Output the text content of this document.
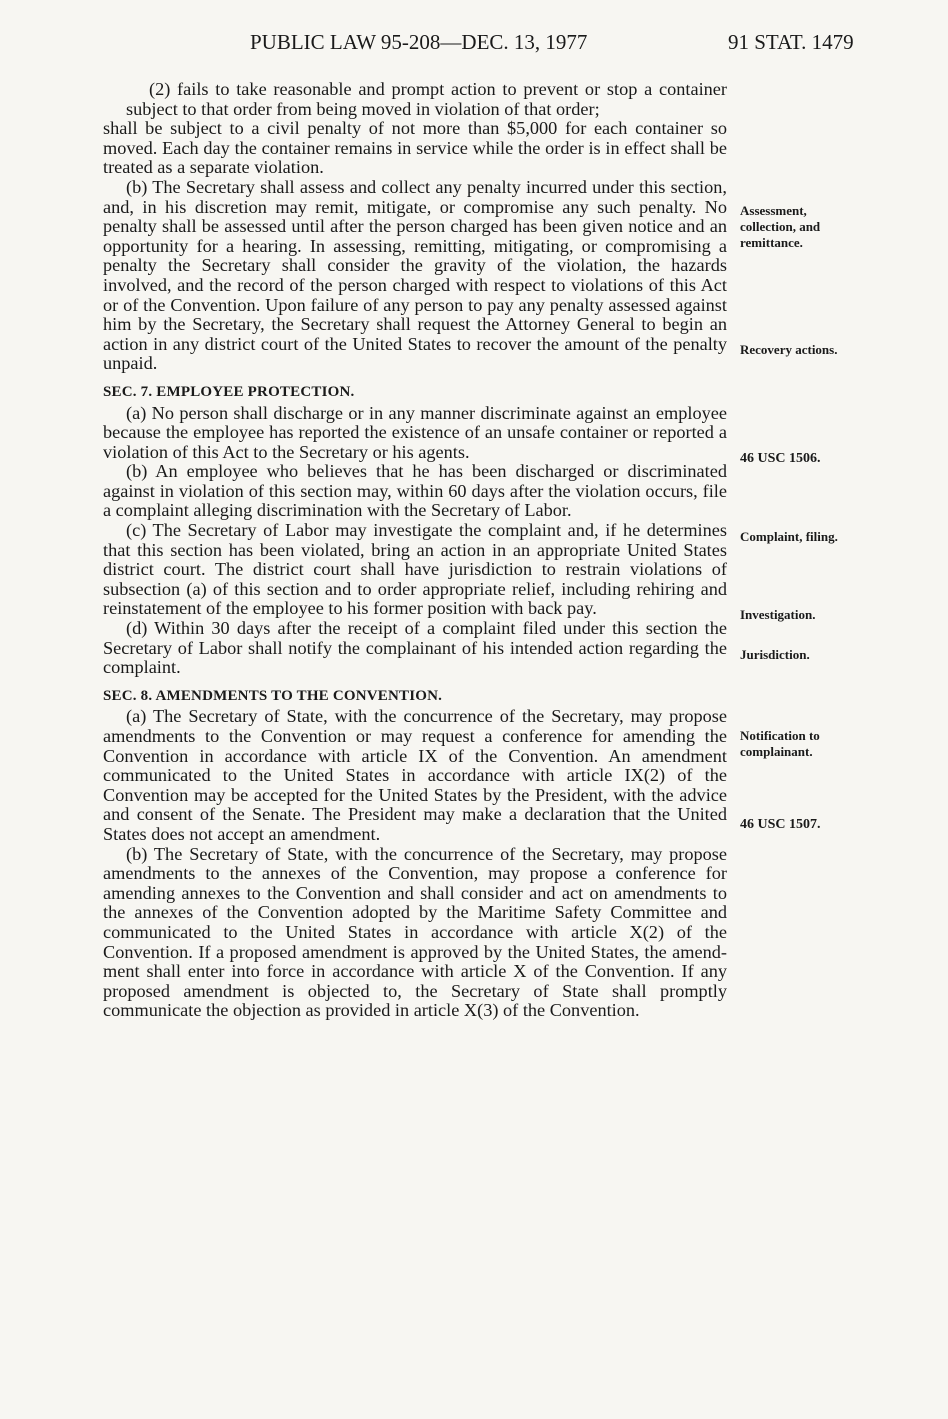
PUBLIC LAW 95-208—DEC. 13, 1977	91 STAT. 1479

(2) fails to take reasonable and prompt action to prevent or stop a container subject to that order from being moved in violation of that order;

shall be subject to a civil penalty of not more than $5,000 for each container so moved. Each day the container remains in service while the order is in effect shall be treated as a separate violation.

(b) The Secretary shall assess and collect any penalty incurred under this section, and, in his discretion may remit, mitigate, or compromise any such penalty. No penalty shall be assessed until after the person charged has been given notice and an opportunity for a hearing. In assessing, remitting, mitigating, or compromising a penalty the Secretary shall consider the gravity of the violation, the hazards involved, and the record of the person charged with respect to violations of this Act or of the Convention. Upon failure of any person to pay any penalty assessed against him by the Secretary, the Secretary shall request the Attorney General to begin an action in any district court of the United States to recover the amount of the penalty unpaid.

SEC. 7. EMPLOYEE PROTECTION.

(a) No person shall discharge or in any manner discriminate against an employee because the employee has reported the existence of an unsafe container or reported a violation of this Act to the Secretary or his agents.

(b) An employee who believes that he has been discharged or discriminated against in violation of this section may, within 60 days after the violation occurs, file a complaint alleging discrimination with the Secretary of Labor.

(c) The Secretary of Labor may investigate the complaint and, if he determines that this section has been violated, bring an action in an appropriate United States district court. The district court shall have jurisdiction to restrain violations of subsection (a) of this section and to order appropriate relief, including rehiring and reinstatement of the employee to his former position with back pay.

(d) Within 30 days after the receipt of a complaint filed under this section the Secretary of Labor shall notify the complainant of his intended action regarding the complaint.

SEC. 8. AMENDMENTS TO THE CONVENTION.

(a) The Secretary of State, with the concurrence of the Secretary, may propose amendments to the Convention or may request a conference for amending the Convention in accordance with article IX of the Convention. An amendment communicated to the United States in accordance with article IX(2) of the Convention may be accepted for the United States by the President, with the advice and consent of the Senate. The President may make a declaration that the United States does not accept an amendment.

(b) The Secretary of State, with the concurrence of the Secretary, may propose amendments to the annexes of the Convention, may propose a conference for amending annexes to the Convention and shall consider and act on amendments to the annexes of the Convention adopted by the Maritime Safety Committee and communicated to the United States in accordance with article X(2) of the Convention. If a proposed amendment is approved by the United States, the amendment shall enter into force in accordance with article X of the Convention. If any proposed amendment is objected to, the Secretary of State shall promptly communicate the objection as provided in article X(3) of the Convention.

Assessment, collection, and remittance.
Recovery actions.
46 USC 1506.
Complaint, filing.
Investigation.
Jurisdiction.
Notification to complainant.
46 USC 1507.
